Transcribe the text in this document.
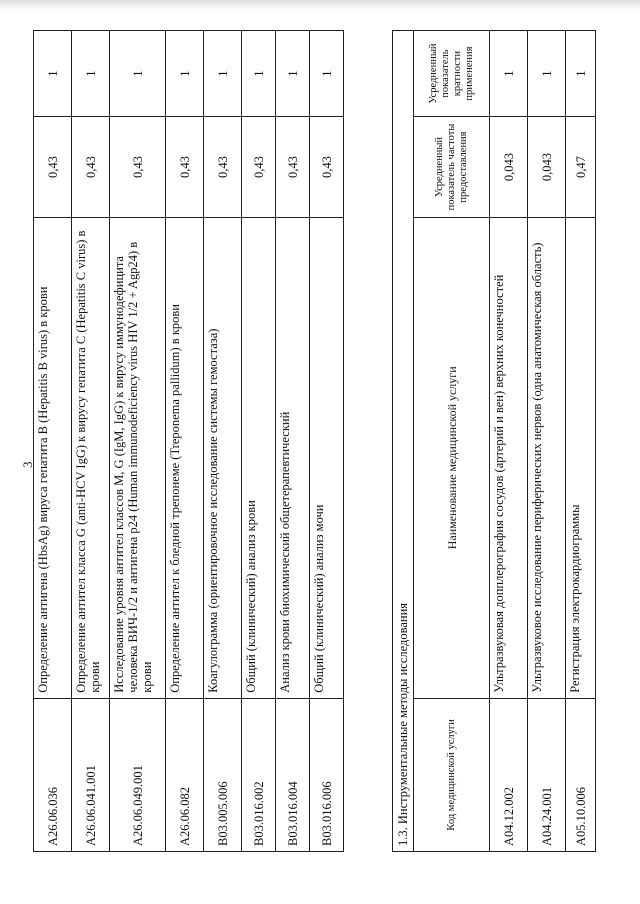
3
A26.06.036	Определение антигена (HbsAg) вируса гепатита В (Hepatitis B virus) в крови	0,43	1
A26.06.041.001	Определение антител класса G (anti-HCV IgG) к вирусу гепатита С (Hepatitis C virus) в крови	0,43	1
A26.06.049.001	Исследование уровня антител классов M, G (IgM, IgG) к вирусу иммунодефицита человека ВИЧ-1/2 и антигена p24 (Human immunodeficiency virus HIV 1/2 + Agp24) в крови	0,43	1
A26.06.082	Определение антител к бледной трепонеме (Treponema pallidum) в крови	0,43	1
B03.005.006	Коагулограмма (ориентировочное исследование системы гемостаза)	0,43	1
B03.016.002	Общий (клинический) анализ крови	0,43	1
B03.016.004	Анализ крови биохимический общетерапевтический	0,43	1
B03.016.006	Общий (клинический) анализ мочи	0,43	1
1.3. Инструментальные методы исследования			
Код медицинской услуги	Наименование медицинской услуги	Усредненный показатель частоты предоставления	Усредненный показатель кратности применения
A04.12.002	Ультразвуковая допплерография сосудов (артерий и вен) верхних конечностей	0,043	1
A04.24.001	Ультразвуковое исследование периферических нервов (одна анатомическая область)	0,043	1
A05.10.006	Регистрация электрокардиограммы	0,47	1
